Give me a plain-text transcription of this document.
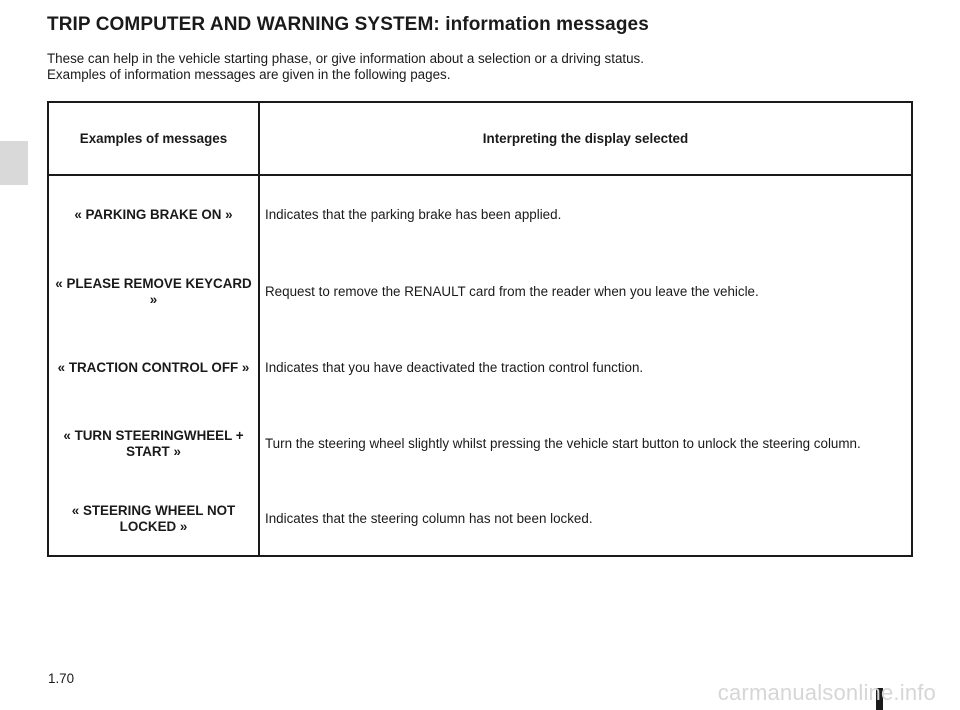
TRIP COMPUTER AND WARNING SYSTEM: information messages

These can help in the vehicle starting phase, or give information about a selection or a driving status.

Examples of information messages are given in the following pages.

Examples of messages	Interpreting the display selected
« PARKING BRAKE ON »	Indicates that the parking brake has been applied.
« PLEASE REMOVE KEYCARD »	Request to remove the RENAULT card from the reader when you leave the vehicle.
« TRACTION CONTROL OFF »	Indicates that you have deactivated the traction control function.
« TURN STEERINGWHEEL + START »	Turn the steering wheel slightly whilst pressing the vehicle start button to unlock the steering column.
« STEERING WHEEL NOT LOCKED »	Indicates that the steering column has not been locked.
1.70
carmanualsonline.info
